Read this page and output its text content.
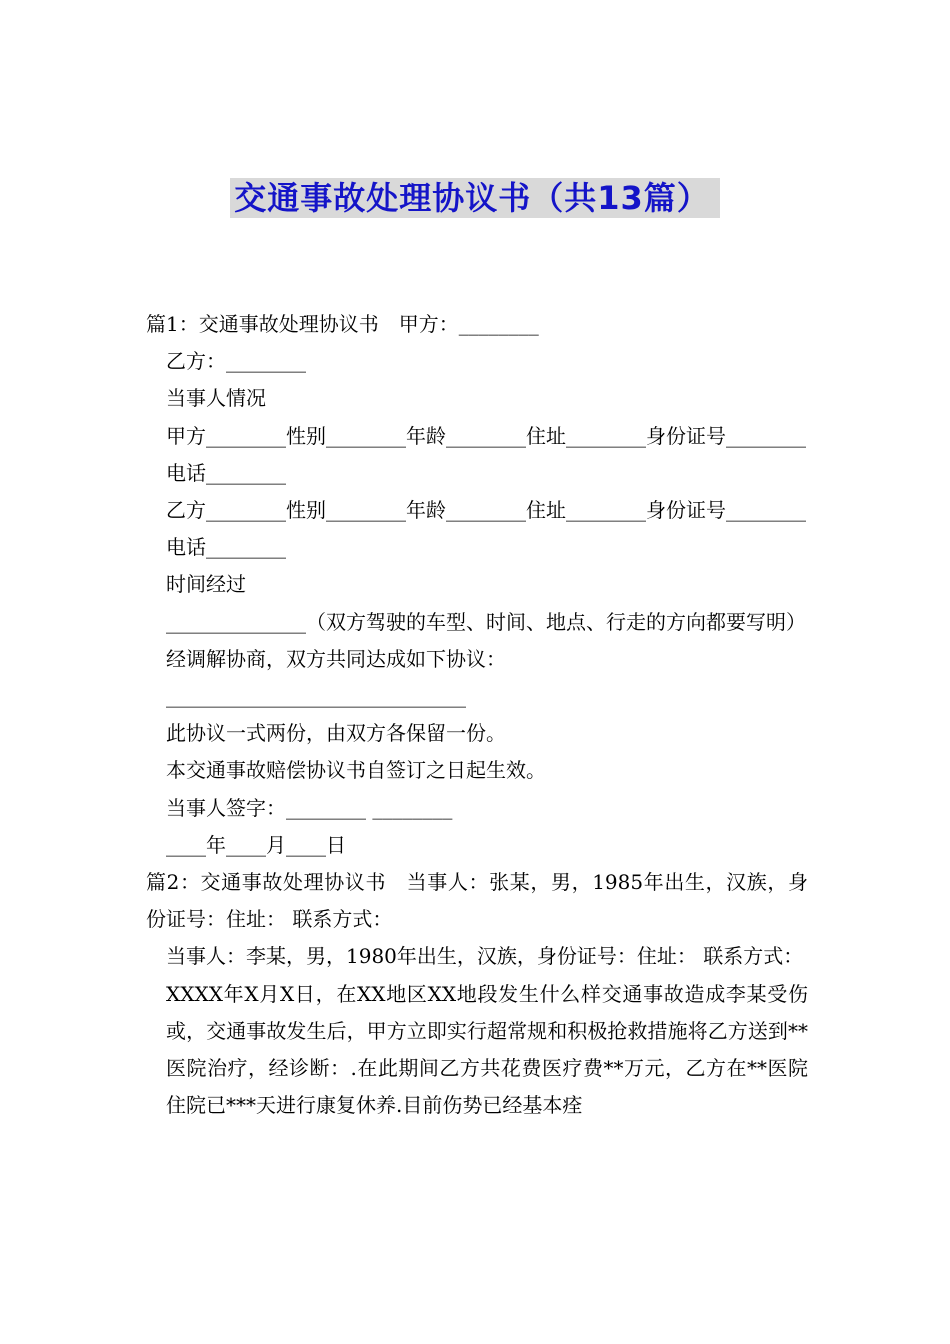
交通事故处理协议书（共13篇）

篇1：交通事故处理协议书　甲方：________

乙方：________

当事人情况

甲方________性别________年龄________住址________身份证号________电话________

乙方________性别________年龄________住址________身份证号________电话________

时间经过

______________（双方驾驶的车型、时间、地点、行走的方向都要写明）

经调解协商，双方共同达成如下协议：

______________________________

此协议一式两份，由双方各保留一份。

本交通事故赔偿协议书自签订之日起生效。

当事人签字：________ ________

____年____月____日

篇2：交通事故处理协议书　当事人：张某，男，1985年出生，汉族，身份证号：住址： 联系方式：

当事人：李某，男，1980年出生，汉族，身份证号：住址： 联系方式：

XXXX年X月X日，在XX地区XX地段发生什么样交通事故造成李某受伤或，交通事故发生后，甲方立即实行超常规和积极抢救措施将乙方送到**医院治疗，经诊断：.在此期间乙方共花费医疗费**万元，乙方在**医院住院已***天进行康复休养.目前伤势已经基本痊
